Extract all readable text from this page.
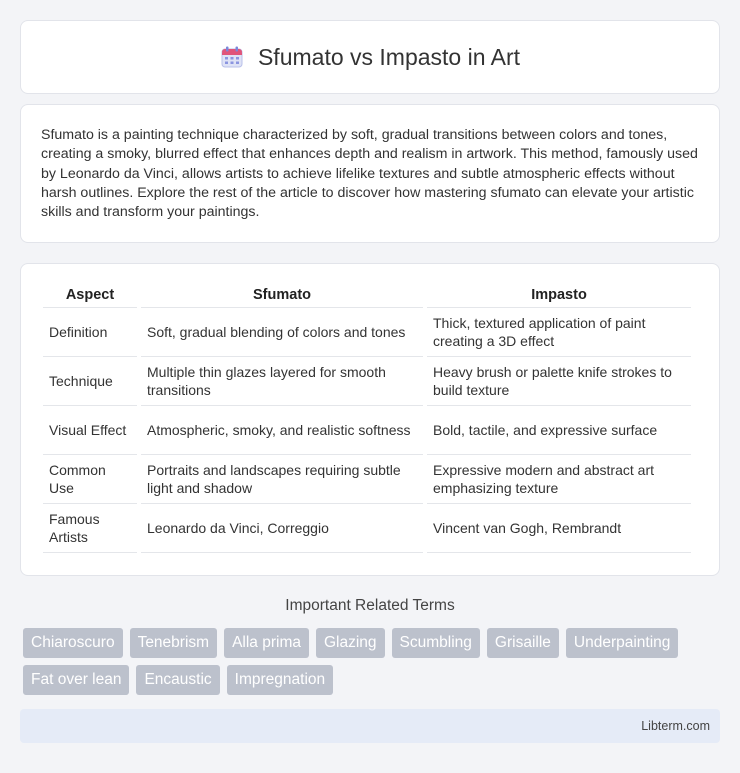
Sfumato vs Impasto in Art

Sfumato is a painting technique characterized by soft, gradual transitions between colors and tones, creating a smoky, blurred effect that enhances depth and realism in artwork. This method, famously used by Leonardo da Vinci, allows artists to achieve lifelike textures and subtle atmospheric effects without harsh outlines. Explore the rest of the article to discover how mastering sfumato can elevate your artistic skills and transform your paintings.

Aspect	Sfumato	Impasto
Definition	Soft, gradual blending of colors and tones	Thick, textured application of paint creating a 3D effect
Technique	Multiple thin glazes layered for smooth transitions	Heavy brush or palette knife strokes to build texture
Visual Effect	Atmospheric, smoky, and realistic softness	Bold, tactile, and expressive surface
Common Use	Portraits and landscapes requiring subtle light and shadow	Expressive modern and abstract art emphasizing texture
Famous Artists	Leonardo da Vinci, Correggio	Vincent van Gogh, Rembrandt
Important Related Terms
Chiaroscuro	Tenebrism	Alla prima	Glazing	Scumbling	Grisaille	Underpainting
Fat over lean	Encaustic	Impregnation
Libterm.com
